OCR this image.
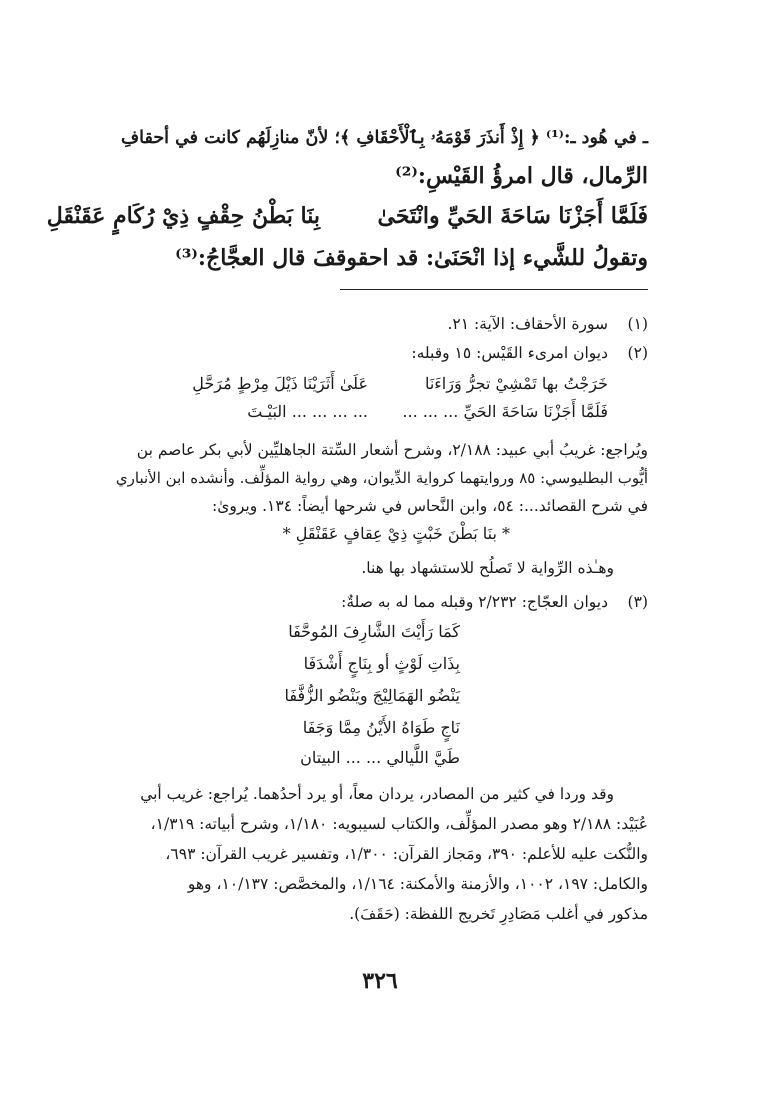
ـ في هُود ـ:⁽¹⁾ ﴿ إِذْ أَنذَرَ قَوْمَهُۥ بِٱلْأَحْقَافِ ﴾؛ لأنّ منازِلَهُم كانت في أحقافِ
الرِّمال، قال امرؤُ القَيْسِ:⁽²⁾
فَلَمَّا أَجَزْنَا سَاحَةَ الحَيِّ وانْتَحَىٰ
بِنَا بَطْنُ حِقْفٍ ذِيْ رُكَامٍ عَقَنْقَلِ
وتقولُ للشَّيء إذا انْحَنَىٰ: قد احقوقفَ قال العجَّاجُ:⁽³⁾
(١)
سورة الأحقاف: الآية: ٢١.
(٢)
ديوان امرىء القَيْس: ١٥ وقبله:
خَرَجْتُ بها تَمْشِيْ تجرُّ وَرَاءَنَا
عَلَىٰ أَثَرَيْنَا ذَيْلَ مِرْطٍ مُرَحَّلِ
فَلَمَّا أَجَزْنَا سَاحَةَ الحَيِّ ... ... ...
... ... ... ... البَيْـتَ
ويُراجع: غريبُ أبي عبيد: ٢/١٨٨، وشرح أشعار السِّتة الجاهليِّين لأبي بكر عاصم بن
أيُّوب البطليوسي: ٨٥ وروايتهما كرواية الدِّيوان، وهي رواية المؤلِّف. وأنشده ابن الأنباري
في شرح القصائد...: ٥٤، وابن النَّحاس في شرحها أيضاً: ١٣٤. ويروىٰ:
* بنَا بَطْنَ خَبْتٍ ذِيْ عِقافٍ عَقَنْقَلِ *
وهـٰذه الرِّواية لا تَصلُح للاستشهاد بها هنا.
(٣)
ديوان العجّاج: ٢/٢٣٢ وقبله مما له به صلةٌ:
كَمَا رَأَيْتَ الشَّارِفَ المُوحَّفَا
بِذَاتِ لَوْثٍ أو بِنَاجٍ أَشْدَفَا
يَنْضُو الهَمَالِيْجَ ويَنْضُو الزُّفَّفَا
نَاجٍ طَوَاهُ الأَيْنُ مِمَّا وَجَفَا
طَيَّ اللَّيالي ... ... البيتان
وقد وردا في كثير من المصادر، يردان معاً، أو يرد أحدُهما. يُراجع: غريب أبي
عُبَيْد: ٢/١٨٨ وهو مصدر المؤلِّف، والكتاب لسيبويه: ١/١٨٠، وشرح أبياته: ١/٣١٩،
والنُّكت عليه للأعلم: ٣٩٠، ومَجاز القرآن: ١/٣٠٠، وتفسير غريب القرآن: ٦٩٣،
والكامل: ١٩٧، ١٠٠٢، والأزمنة والأمكنة: ١/١٦٤، والمخصَّص: ١٠/١٣٧، وهو
مذكور في أغلب مَصَادِرِ تَخريج اللفظة: (حَقَفَ).
٣٢٦
